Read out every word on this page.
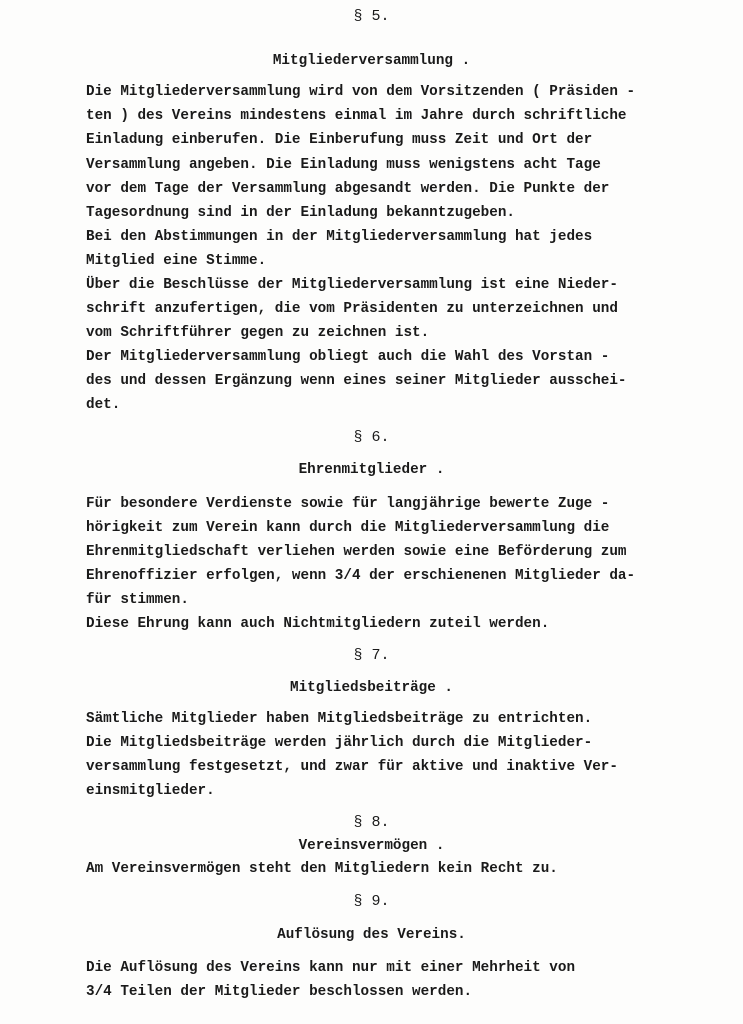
§ 5.
Mitgliederversammlung .
Die Mitgliederversammlung wird von dem Vorsitzenden ( Präsiden -
ten ) des Vereins mindestens einmal im Jahre durch schriftliche
Einladung einberufen. Die Einberufung muss Zeit und Ort der
Versammlung angeben. Die Einladung muss wenigstens acht Tage
vor dem Tage der Versammlung abgesandt werden. Die Punkte der
Tagesordnung sind in der Einladung bekanntzugeben.
Bei den Abstimmungen in der Mitgliederversammlung hat jedes
Mitglied eine Stimme.
Über die Beschlüsse der Mitgliederversammlung ist eine Nieder-
schrift anzufertigen, die vom Präsidenten zu unterzeichnen und
vom Schriftführer gegen zu zeichnen ist.
Der Mitgliederversammlung obliegt auch die Wahl des Vorstan -
des und dessen Ergänzung wenn eines seiner Mitglieder ausschei-
det.
§ 6.
Ehrenmitglieder .
Für besondere Verdienste sowie für langjährige bewerte Zuge -
hörigkeit zum Verein kann durch die Mitgliederversammlung die
Ehrenmitgliedschaft verliehen werden sowie eine Beförderung zum
Ehrenoffizier erfolgen, wenn 3/4 der erschienenen Mitglieder da-
für stimmen.
Diese Ehrung kann auch Nichtmitgliedern zuteil werden.
§ 7.
Mitgliedsbeiträge .
Sämtliche Mitglieder haben Mitgliedsbeiträge zu entrichten.
Die Mitgliedsbeiträge werden jährlich durch die Mitglieder-
versammlung festgesetzt, und zwar für aktive und inaktive Ver-
einsmitglieder.
§ 8.
Vereinsvermögen .
Am Vereinsvermögen steht den Mitgliedern kein Recht zu.
§ 9.
Auflösung des Vereins.
Die Auflösung des Vereins kann nur mit einer Mehrheit von
3/4 Teilen der Mitglieder beschlossen werden.
